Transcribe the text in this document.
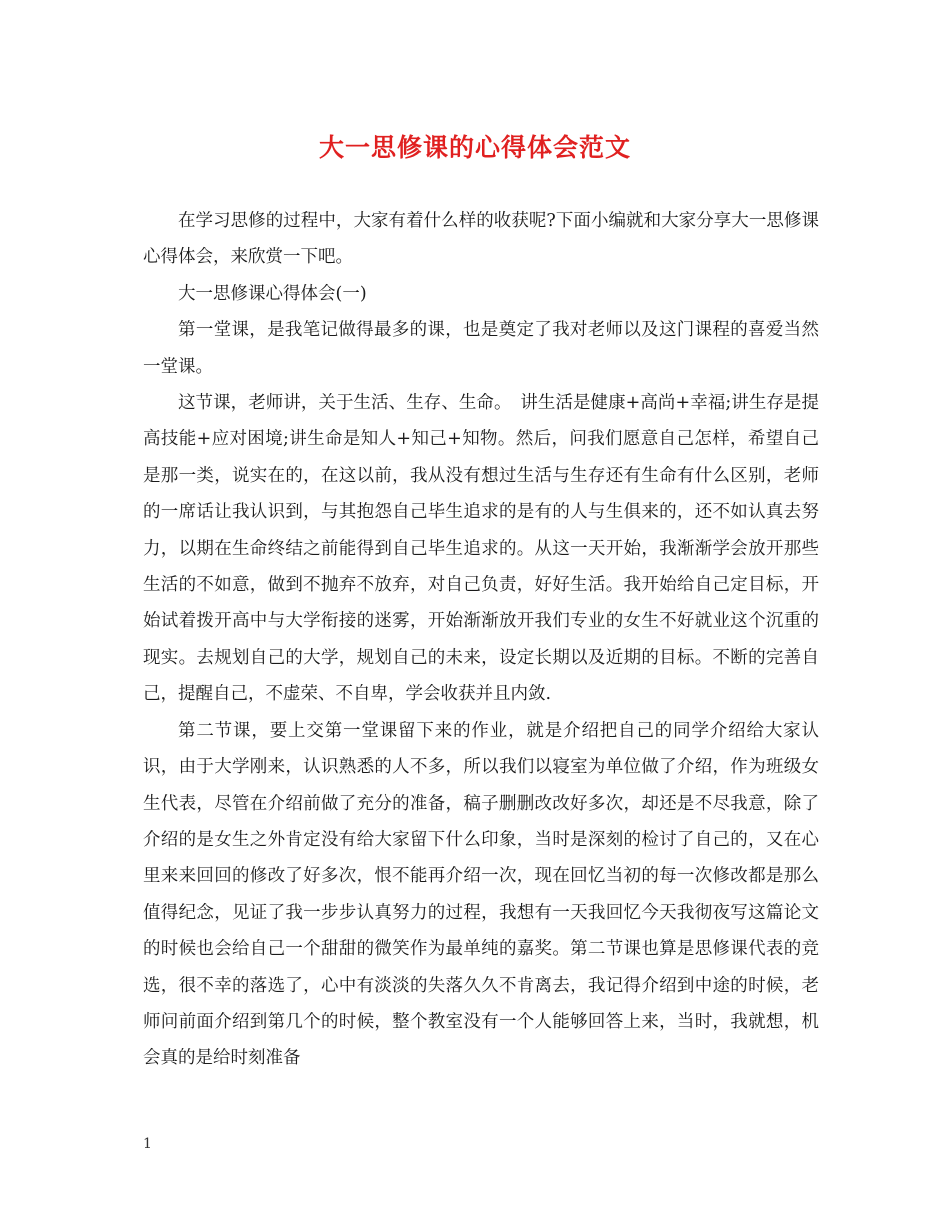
大一思修课的心得体会范文

在学习思修的过程中，大家有着什么样的收获呢?下面小编就和大家分享大一思修课心得体会，来欣赏一下吧。

大一思修课心得体会(一)

第一堂课，是我笔记做得最多的课，也是奠定了我对老师以及这门课程的喜爱当然一堂课。

这节课，老师讲，关于生活、生存、生命。　讲生活是健康+高尚+幸福;讲生存是提高技能+应对困境;讲生命是知人+知己+知物。然后，问我们愿意自己怎样，希望自己是那一类，说实在的，在这以前，我从没有想过生活与生存还有生命有什么区别，老师的一席话让我认识到，与其抱怨自己毕生追求的是有的人与生俱来的，还不如认真去努力，以期在生命终结之前能得到自己毕生追求的。从这一天开始，我渐渐学会放开那些生活的不如意，做到不抛弃不放弃，对自己负责，好好生活。我开始给自己定目标，开始试着拨开高中与大学衔接的迷雾，开始渐渐放开我们专业的女生不好就业这个沉重的现实。去规划自己的大学，规划自己的未来，设定长期以及近期的目标。不断的完善自己，提醒自己，不虚荣、不自卑，学会收获并且内敛.

第二节课，要上交第一堂课留下来的作业，就是介绍把自己的同学介绍给大家认识，由于大学刚来，认识熟悉的人不多，所以我们以寝室为单位做了介绍，作为班级女生代表，尽管在介绍前做了充分的准备，稿子删删改改好多次，却还是不尽我意，除了介绍的是女生之外肯定没有给大家留下什么印象，当时是深刻的检讨了自己的，又在心里来来回回的修改了好多次，恨不能再介绍一次，现在回忆当初的每一次修改都是那么值得纪念，见证了我一步步认真努力的过程，我想有一天我回忆今天我彻夜写这篇论文的时候也会给自己一个甜甜的微笑作为最单纯的嘉奖。第二节课也算是思修课代表的竞选，很不幸的落选了，心中有淡淡的失落久久不肯离去，我记得介绍到中途的时候，老师问前面介绍到第几个的时候，整个教室没有一个人能够回答上来，当时，我就想，机会真的是给时刻准备

1
